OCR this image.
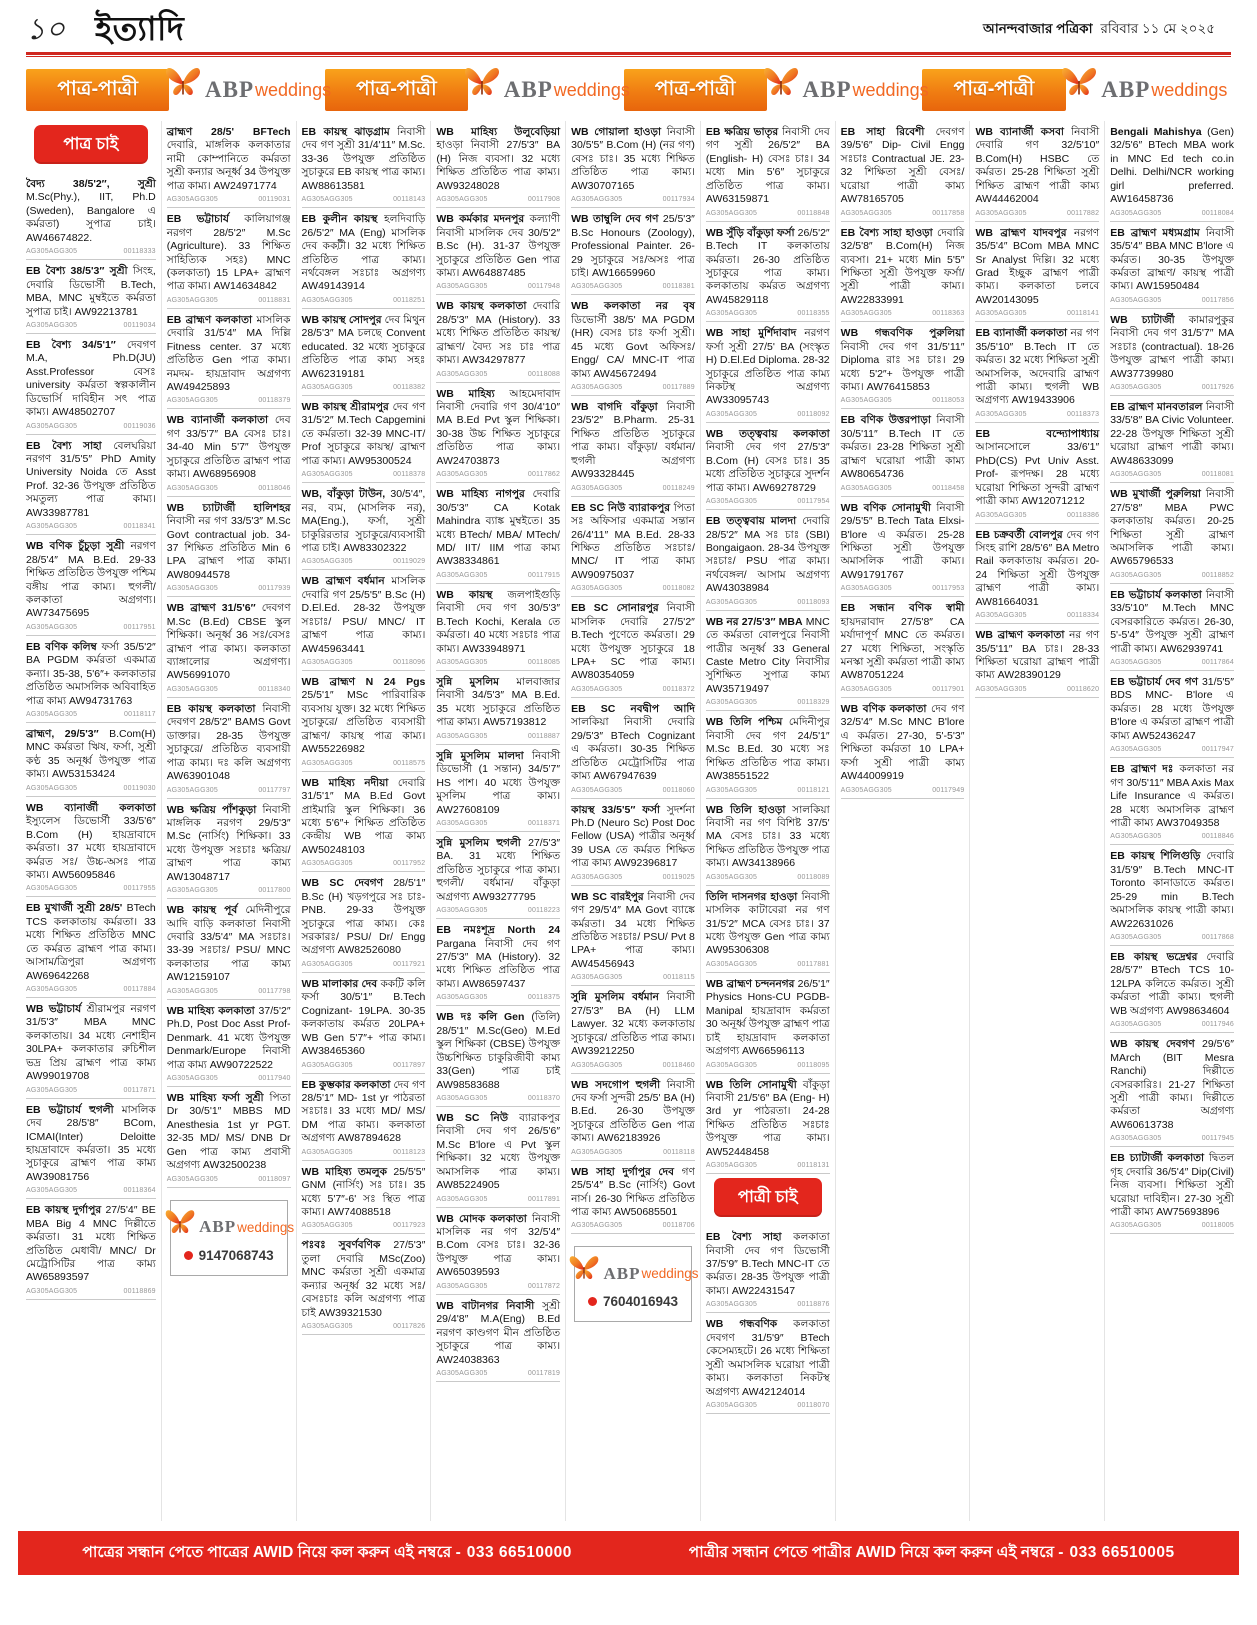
১০ ইত্যাদি	আনন্দবাজার পত্রিকা রবিবার ১১ মে ২০২৫
পাত্র-পাত্রী	ABP weddings পাত্র-পাত্রী	ABP weddings পাত্র-পাত্রী	ABP weddings পাত্র-পাত্রী	ABP weddings
পাত্র চাই

বৈদ্য 38/5'2″, সুশ্রী M.Sc(Phy.), IIT, Ph.D (Sweden), Bangalore এ কর্মরতা) সুপাত্র চাই। AW46674822.

AG305AGG305	00118333

EB বৈশ্য 38/5'3″ সুশ্রী সিংহ, দেবারি ডিভোর্সী B.Tech, MBA, MNC মুম্বইতে কর্মরতা সুপাত্র চাই। AW92213781

AG305AGG305	00119034

EB বৈশ্য 34/5'1″ দেবগণ M.A, Ph.D(JU) Asst.Professor বেসঃ university কর্মরতা স্বল্পকালীন ডিভোর্সি দাবিহীন সৎ পাত্র কাম্য। AW48502707

AG305AGG305	00119036

EB বৈশ্য সাহা বেলঘরিয়া নরগণ 31/5'5″ PhD Amity University Noida তে Asst Prof. 32-36 উপযুক্ত প্রতিষ্ঠিত সমতুল্য পাত্র কাম্য। AW33987781

AG305AGG305	00118341

WB বণিক চুঁচুড়া সুশ্রী নরগণ 28/5'4″ MA B.Ed. 29-33 শিক্ষিত প্রতিষ্ঠিত উপযুক্ত পশ্চিম বঙ্গীয় পাত্র কাম্য। হুগলী/ কলকাতা অগ্রগণ্য। AW73475695

AG305AGG305	00117951

EB বণিক কলিম্ব ফর্সা 35/5'2″ BA PGDM কর্মরতা একমাত্র কন্যা। 35-38, 5'6″+ কলকাতার প্রতিষ্ঠিত অমাসলিক অবিবাহিত পাত্র কাম্য AW94731763

AG305AGG305	00118117

ব্রাহ্মণ, 29/5'3″ B.Com(H) MNC কর্মরতা ঋিষ, ফর্সা, সুশ্রী কণ্ঠ 35 অনূর্ধ্ব উপযুক্ত পাত্র কাম্য। AW53153424

AG305AGG305	00119030

WB ব্যানার্জী কলকাতা ইস্যুলেস ডিভোর্সী 33/5'6″ B.Com (H) হায়দ্রাবাদে কর্মরতা। 37 মধ্যে হায়দ্রাবাদে কর্মরত সঃ/ উচ্চ-অসঃ পাত্র কাম্য। AW56095846

AG305AGG305	00117955

EB মুখার্জী সুশ্রী 28/5' BTech TCS কলকাতায় কর্মরতা। 33 মধ্যে শিক্ষিত প্রতিষ্ঠিত MNC তে কর্মরত ব্রাহ্মণ পাত্র কাম্য। আসাম/ত্রিপুরা অগ্রগণ্য AW69642268

AG305AGG305	00117884

WB ভট্টাচার্য শ্রীরামপুর নরগণ 31/5'3″ MBA MNC কলকাতায়। 34 মধ্যে নেশাহীন 30LPA+ কলকাতার রুচিশীল ভদ্র প্রিয় ব্রাহ্মণ পাত্র কাম্য AW99019708

AG305AGG305	00117871

EB ভট্টাচার্য হুগলী মাসলিক দেব 28/5'8″ BCom, ICMAI(Inter) Deloitte হায়দ্রাবাদে কর্মরতা। 35 মধ্যে সুচাকুরে ব্রাহ্মণ পাত্র কাম্য AW39081756

AG305AGG305	00118364

EB কায়স্থ দুর্গাপুর 27/5'4″ BE MBA Big 4 MNC দিল্লীতে কর্মরতা। 31 মধ্যে শিক্ষিত প্রতিষ্ঠিত মেধাবী/ MNC/ Dr মেট্রোসিটির পাত্র কাম্য AW65893597

AG305AGG305	00118869

ব্রাহ্মণ 28/5' BFTech দেবারি, মাঙ্গলিক কলকাতার নামী কোম্পানিতে কর্মরতা সুশ্রী কন্যার অনূর্ধ্ব 34 উপযুক্ত পাত্র কাম্য। AW24971774

AG305AGG305	00119031

EB ভট্টাচার্য কালিয়াগঞ্জ নরগণ 28/5'2″ M.Sc (Agriculture). 33 শিক্ষিত সাহিত্যিক সহঃ) MNC (কলকাতা) 15 LPA+ ব্রাহ্মণ পাত্র কাম্য। AW14634842

AG305AGG305	00118831

EB ব্রাহ্মণ কলকাতা মাসলিক দেবারি 31/5'4″ MA দিল্লি Fitness center. 37 মধ্যে প্রতিষ্ঠিত Gen পাত্র কাম্য। নমদম- হায়দ্রাবাদ অগ্রগণ্য AW49425893

AG305AGG305	00118379

WB ব্যানার্জী কলকাতা দেব গণ 33/5'7″ BA বেসঃ চাঃ। 34-40 Min 5'7″ উপযুক্ত সুচাকুরে প্রতিষ্ঠিত ব্রাহ্মণ পাত্র কাম্য। AW68956908

AG305AGG305	00118046

WB চ্যাটার্জী হালিশহর নিবাসী নর গণ 33/5'3″ M.Sc Govt contractual job. 34-37 শিক্ষিত প্রতিষ্ঠিত Min 6 LPA ব্রাহ্মণ পাত্র কাম্য। AW80944578

AG305AGG305	00117939

WB ব্রাহ্মণ 31/5'6″ দেবগণ M.Sc (B.Ed) CBSE স্কুল শিক্ষিকা। অনূর্ধ্ব 36 সঃ/বেসঃ ব্রাহ্মণ পাত্র কাম্য। কলকাতা ব্যাঙ্গালোর অগ্রগণ্য। AW56991070

AG305AGG305	00118340

EB কায়স্থ কলকাতা নিবাসী দেবগণ 28/5'2″ BAMS Govt ডাক্তার। 28-35 উপযুক্ত সুচাকুরে/ প্রতিষ্ঠিত ব্যবসায়ী পাত্র কাম্য। দঃ কলি অগ্রগণ্য AW63901048

AG305AGG305	00117797

WB ক্ষত্রিয় পাঁশকুড়া নিবাসী মাঙ্গলিক নরগণ 29/5'3″ M.Sc (নার্সিং) শিক্ষিকা। 33 মধ্যে উপযুক্ত সঃচাঃ ক্ষত্রিয়/ ব্রাহ্মণ পাত্র কাম্য AW13048717

AG305AGG305	00117800

WB কায়স্থ পূর্ব মেদিনীপুরে আদি বাড়ি কলকাতা নিবাসী দেবারি 33/5'4″ MA সঃচাঃ। 33-39 সঃচাঃ/ PSU/ MNC কলকাতার পাত্র কাম্য AW12159107

AG305AGG305	00117798

WB মাহিষ্য কলকাতা 37/5'2″ Ph.D, Post Doc Asst Prof- Denmark. 41 মধ্যে উপযুক্ত Denmark/Europe নিবাসী পাত্র কাম্য AW90722522

AG305AGG305	00117940

WB মাহিষ্য ফর্সা সুশ্রী পিতা Dr 30/5'1″ MBBS MD Anesthesia 1st yr PGT. 32-35 MD/ MS/ DNB Dr Gen পাত্র কাম্য প্রবাসী অগ্রগণ্য AW32500238

AG305AGG305	00118097
ABP weddings
9147068743

EB কায়স্থ ঝাড়গ্রাম নিবাসী দেব গণ সুশ্রী 31/4'11″ M.Sc. 33-36 উপযুক্ত প্রতিষ্ঠিত সুচাকুরে EB কায়স্থ পাত্র কাম্য। AW88613581

AG305AGG305	00118143

EB কুলীন কায়স্থ হলদিবাড়ি 26/5'2″ MA (Eng) মাসলিক দেব ককট়ী। 32 মধ্যে শিক্ষিত প্রতিষ্ঠিত পাত্র কাম্য। নর্থবেঙ্গল সঃচাঃ অগ্রগণ্য AW49143914

AG305AGG305	00118251

WB কায়স্থ সোদপুর দেব মিথুন 28/5'3″ MA চলছে Convent educated. 32 মধ্যে সুচাকুরে প্রতিষ্ঠিত পাত্র কাম্য সহঃ AW62319181

AG305AGG305	00118382

WB কায়স্থ শ্রীরামপুর দেব গণ 31/5'2″ M.Tech Capgemini তে কর্মরতা। 32-39 MNC-IT/ Prof সুচাকুরে কায়স্থ/ ব্রাহ্মণ পাত্র কাম্য। AW95300524

AG305AGG305	00118378

WB, বাঁকুড়া টাউন, 30/5'4″, নর, ব্যম, (মাসলিক নর), MA(Eng.), ফর্সা, সুশ্রী চাকুরিরতার সুচাকুরে/ব্যবসায়ী পাত্র চাই। AW83302322

AG305AGG305	00119029

WB ব্রাহ্মণ বর্ধমান মাসলিক দেবারি গণ 25/5'5″ B.Sc (H) D.El.Ed. 28-32 উপযুক্ত সঃচাঃ/ PSU/ MNC/ IT ব্রাহ্মণ পাত্র কাম্য। AW45963441

AG305AGG305	00118096

WB ব্রাহ্মণ N 24 Pgs 25/5'1″ MSc পারিবারিক ব্যবসায় যুক্ত। 32 মধ্যে শিক্ষিত সুচাকুরে/ প্রতিষ্ঠিত ব্যবসায়ী ব্রাহ্মণ/ কায়স্থ পাত্র কাম্য। AW55226982

AG305AGG305	00118575

WB মাহিষ্য নদীয়া দেবারি 31/5'1″ MA B.Ed Govt প্রাইমারি স্কুল শিক্ষিকা। 36 মধ্যে 5'6″+ শিক্ষিত প্রতিষ্ঠিত কেন্দ্রীয় WB পাত্র কাম্য AW50248103

AG305AGG305	00117952

WB SC দেবগণ 28/5'1″ B.Sc (H) খড়গপুরে সঃ চাঃ- PNB. 29-33 উপযুক্ত সুচাকুরে পাত্র কাম্য। কেঃ সরকারঃ/ PSU/ Dr/ Engg অগ্রগণ্য AW82526080

AG305AGG305	00117921

WB মালাকার দেব ককট়ি কলি ফর্সা 30/5'1″ B.Tech Cognizant- 19LPA. 30-35 কলকাতায় কর্মরত 20LPA+ WB Gen 5'7″+ পাত্র কাম্য। AW38465360

AG305AGG305	00117897

EB কুম্ভকার কলকাতা দেব গণ 28/5'1″ MD- 1st yr পাঠরতা সঃচাঃ। 33 মধ্যে MD/ MS/ DM পাত্র কাম্য। কলকাতা অগ্রগণ্য AW87894628

AG305AGG305	00118123

WB মাহিষ্য তমলুক 25/5'5″ GNM (নার্সিং) সঃ চাঃ। 35 মধ্যে 5'7″-6' সঃ স্থিত পাত্র কাম্য। AW74088518

AG305AGG305	00117923

পঃবঃ সুবর্ণবণিক 27/5'3″ তুলা দেবারি MSc(Zoo) MNC কর্মরতা সুশ্রী একমাত্র কন্যার অনূর্ধ্ব 32 মধ্যে সঃ/বেসঃচাঃ কলি অগ্রগণ্য পাত্র চাই AW39321530

AG305AGG305	00117826

WB মাহিষ্য উলুবেড়িয়া হাওড়া নিবাসী 27/5'3″ BA (H) নিজ ব্যবসা। 32 মধ্যে শিক্ষিত প্রতিষ্ঠিত পাত্র কাম্য। AW93248028

AG305AGG305	00117908

WB কর্মকার মদনপুর কল্যাণী নিবাসী মাসলিক দেব 30/5'2″ B.Sc (H). 31-37 উপযুক্ত সুচাকুরে প্রতিষ্ঠিত Gen পাত্র কাম্য। AW64887485

AG305AGG305	00117948

WB কায়স্থ কলকাতা দেবারি 28/5'3″ MA (History). 33 মধ্যে শিক্ষিত প্রতিষ্ঠিত কায়স্থ/ ব্রাহ্মণ/ বৈদ্য সঃ চাঃ পাত্র কাম্য। AW34297877

AG305AGG305	00118088

WB মাহিষ্য আহমেদাবাদ নিবাসী দেবারি গণ 30/4'10″ MA B.Ed Pvt স্কুল শিক্ষিকা। 30-38 উচ্চ শিক্ষিত সুচাকুরে প্রতিষ্ঠিত পাত্র কাম্য। AW24703873

AG305AGG305	00117862

WB মাহিষ্য নাগপুর দেবারি 30/5'3″ CA Kotak Mahindra ব্যাঙ্ক মুম্বইতে। 35 মধ্যে BTech/ MBA/ MTech/ MD/ IIT/ IIM পাত্র কাম্য AW38334861

AG305AGG305	00117915

WB কায়স্থ জলপাইগুড়ি নিবাসী দেব গণ 30/5'3″ B.Tech Kochi, Kerala তে কর্মরতা। 40 মধ্যে সঃচাঃ পাত্র কাম্য। AW33948971

AG305AGG305	00118085

সুন্নি মুসলিম মালবাজার নিবাসী 34/5'3″ MA B.Ed. 35 মধ্যে সুচাকুরে প্রতিষ্ঠিত পাত্র কাম্য। AW57193812

AG305AGG305	00118887

সুন্নি মুসলিম মালদা নিবাসী ডিভোর্সী (1 সন্তান) 34/5'7″ HS পাশ। 40 মধ্যে উপযুক্ত মুসলিম পাত্র কাম্য। AW27608109

AG305AGG305	00118371

সুন্নি মুসলিম হুগলী 27/5'3″ BA. 31 মধ্যে শিক্ষিত প্রতিষ্ঠিত সুচাকুরে পাত্র কাম্য। হুগলী/ বর্ধমান/ বাঁকুড়া অগ্রগণ্য AW93277795

AG305AGG305	00118223

EB নমঃশূদ্র North 24 Pargana নিবাসী দেব গণ 27/5'3″ MA (History). 32 মধ্যে শিক্ষিত প্রতিষ্ঠিত পাত্র কাম্য। AW86597437

AG305AGG305	00118375

WB দঃ কলি Gen (তিলি) 28/5'1″ M.Sc(Geo) M.Ed স্কুল শিক্ষিকা (CBSE) উপযুক্ত উচ্চশিক্ষিত চাকুরিজীবী কাম্য 33(Gen) পাত্র চাই AW98583688

AG305AGG305	00118370

WB SC নিউ ব্যারাকপুর নিবাসী দেব গণ 26/5'6″ M.Sc B'lore এ Pvt স্কুল শিক্ষিকা। 32 মধ্যে উপযুক্ত অমাসলিক পাত্র কাম্য। AW85224905

AG305AGG305	00117891

WB মোদক কলকাতা নিবাসী মাসলিক নর গণ 32/5'4″ B.Com বেসঃ চাঃ। 32-36 উপযুক্ত পাত্র কাম্য। AW65039593

AG305AGG305	00117872

WB বাটানগর নিবাসী সুশ্রী 29/4'8″ M.A(Eng) B.Ed নরগণ কাণ্ডগণ মীন প্রতিষ্ঠিত সুচাকুরে পাত্র কাম্য। AW24038363

AG305AGG305	00117819

WB গোয়ালা হাওড়া নিবাসী 30/5'5″ B.Com (H) (নর গণ) বেসঃ চাঃ। 35 মধ্যে শিক্ষিত প্রতিষ্ঠিত পাত্র কাম্য। AW30707165

AG305AGG305	00117934

WB তাম্বুলি দেব গণ 25/5'3″ B.Sc Honours (Zoology), Professional Painter. 26-29 সুচাকুরে সঃ/অসঃ পাত্র চাই। AW16659960

AG305AGG305	00118381

WB কলকাতা নর বৃষ ডিভোর্সী 38/5' MA PGDM (HR) বেসঃ চাঃ ফর্সা সুশ্রী। 45 মধ্যে Govt অফিসঃ/ Engg/ CA/ MNC-IT পাত্র কাম্য AW45672494

AG305AGG305	00117889

WB বাগদি বাঁকুড়া নিবাসী 23/5'2″ B.Pharm. 25-31 শিক্ষিত প্রতিষ্ঠিত সুচাকুরে পাত্র কাম্য। বাঁকুড়া/ বর্ধমান/ হুগলী অগ্রগণ্য AW93328445

AG305AGG305	00118249

EB SC নিউ ব্যারাকপুর পিতা সঃ অফিসার একমাত্র সন্তান 26/4'11″ MA B.Ed. 28-33 শিক্ষিত প্রতিষ্ঠিত সঃচাঃ/ MNC/ IT পাত্র কাম্য AW90975037

AG305AGG305	00118082

EB SC সোনারপুর নিবাসী মাসলিক দেবারি 27/5'2″ B.Tech পুণেতে কর্মরতা। 29 মধ্যে উপযুক্ত সুচাকুরে 18 LPA+ SC পাত্র কাম্য। AW80354059

AG305AGG305	00118372

EB SC নবদ্বীপ আদি সালকিয়া নিবাসী দেবারি 29/5'3″ BTech Cognizant এ কর্মরতা। 30-35 শিক্ষিত প্রতিষ্ঠিত মেট্রোসিটির পাত্র কাম্য AW67947639

AG305AGG305	00118060

কায়স্থ 33/5'5″ ফর্সা সুদর্শনা Ph.D (Neuro Sc) Post Doc Fellow (USA) পাত্রীর অনূর্ধ্ব 39 USA তে কর্মরত শিক্ষিত পাত্র কাম্য AW92396817

AG305AGG305	00119025

WB SC বারইপুর নিবাসী দেব গণ 29/5'4″ MA Govt ব্যাঙ্কে কর্মরতা। 34 মধ্যে শিক্ষিত প্রতিষ্ঠিত সঃচাঃ/ PSU/ Pvt 8 LPA+ পাত্র কাম্য। AW45456943

AG305AGG305	00118115

সুন্নি মুসলিম বর্ধমান নিবাসী 27/5'3″ BA (H) LLM Lawyer. 32 মধ্যে কলকাতায় সুচাকুরে/ প্রতিষ্ঠিত পাত্র কাম্য। AW39212250

AG305AGG305	00118460

WB সদগোপ হুগলী নিবাসী দেব ফর্সা সুন্দরী 25/5' BA (H) B.Ed. 26-30 উপযুক্ত সুচাকুরে প্রতিষ্ঠিত Gen পাত্র কাম্য। AW62183926

AG305AGG305	00118118

WB সাহা দুর্গাপুর দেব গণ 25/5'4″ B.Sc (নার্সিং) Govt নার্স। 26-30 শিক্ষিত প্রতিষ্ঠিত পাত্র কাম্য AW50685501

AG305AGG305	00118706
ABP weddings
7604016943

EB ক্ষত্রিয় ভাতৃর নিবাসী দেব গণ সুশ্রী 26/5'2″ BA (English- H) বেসঃ চাঃ। 34 মধ্যে Min 5'6″ সুচাকুরে প্রতিষ্ঠিত পাত্র কাম্য। AW63159871

AG305AGG305	00118848

WB সুঁড়ি বাঁকুড়া ফর্সা 26/5'2″ B.Tech IT কলকাতায় কর্মরতা। 26-30 প্রতিষ্ঠিত সুচাকুরে পাত্র কাম্য। কলকাতায় কর্মরত অগ্রগণ্য AW45829118

AG305AGG305	00118355

WB সাহা মুর্শিদাবাদ নরগণ ফর্সা সুশ্রী 27/5' BA (সংস্কৃত H) D.El.Ed Diploma. 28-32 সুচাকুরে প্রতিষ্ঠিত পাত্র কাম্য নিকটস্থ অগ্রগণ্য AW33095743

AG305AGG305	00118092

WB তত্ত্ববায় কলকাতা নিবাসী দেব গণ 27/5'3″ B.Com (H) বেসঃ চাঃ। 35 মধ্যে প্রতিষ্ঠিত সুচাকুরে সুদর্শন পাত্র কাম্য। AW69278729

AG305AGG305	00117954

EB তত্ত্ববায় মালদা দেবারি 28/5'2″ MA সঃ চাঃ (SBI) Bongaigaon. 28-34 উপযুক্ত সঃচাঃ/ PSU পাত্র কাম্য। নর্থবেঙ্গল/ আসাম অগ্রগণ্য AW43038984

AG305AGG305	00118093

WB নর 27/5'3″ MBA MNC তে কর্মরতা বোলপুরে নিবাসী পাত্রীর অনূর্ধ্ব 33 General Caste Metro City নিবাসীর সুশিক্ষিত সুপাত্র কাম্য AW35719497

AG305AGG305	00118329

WB তিলি পশ্চিম মেদিনীপুর নিবাসী দেব গণ 24/5'1″ M.Sc B.Ed. 30 মধ্যে সঃ শিক্ষিত প্রতিষ্ঠিত পাত্র কাম্য। AW38551522

AG305AGG305	00118121

WB তিলি হাওড়া সালকিয়া নিবাসী নর গণ বিশিষ্ট 37/5' MA বেসঃ চাঃ। 33 মধ্যে শিক্ষিত প্রতিষ্ঠিত উপযুক্ত পাত্র কাম্য। AW34138966

AG305AGG305	00118089

তিলি দাসনগর হাওড়া নিবাসী মাসলিক কাটাবেরা নর গণ 31/5'2″ MCA বেসঃ চাঃ। 37 মধ্যে উপযুক্ত Gen পাত্র কাম্য AW95306308

AG305AGG305	00117881

WB ব্রাহ্মণ চন্দননগর 26/5'1″ Physics Hons-CU PGDB-Manipal হায়দ্রাবাদ কর্মরতা 30 অনূর্ধ্ব উপযুক্ত ব্রাহ্মণ পাত্র চাই হায়দ্রাবাদ কলকাতা অগ্রগণ্য AW66596113

AG305AGG305	00118095

WB তিলি সোনামুখী বাঁকুড়া নিবাসী 21/5'6″ BA (Eng- H) 3rd yr পাঠরতা। 24-28 শিক্ষিত প্রতিষ্ঠিত সঃচাঃ উপযুক্ত পাত্র কাম্য। AW52448458

AG305AGG305	00118131
পাত্রী চাই

EB বৈশ্য সাহা কলকাতা নিবাসী দেব গণ ডিভোর্সী 37/5'9″ B.Tech MNC-IT তে কর্মরত। 28-35 উপযুক্ত পাত্রী কাম্য। AW22431547

AG305AGG305	00118876

WB গন্ধবণিক কলকাতা দেবগণ 31/5'9″ BTech কেসেম্যহটে। 26 মধ্যে শিক্ষিতা সুশ্রী অমাসলিক ঘরোয়া পাত্রী কাম্য। কলকাতা নিকটস্থ অগ্রগণ্য AW42124014

AG305AGG305	00118070

EB সাহা রিবেশী দেবগণ 39/5'6″ Dip- Civil Engg সঃচাঃ Contractual JE. 23-32 শিক্ষিতা সুশ্রী বেসঃ/ ঘরোয়া পাত্রী কাম্য AW78165705

AG305AGG305	00117858

EB বৈশ্য সাহা হাওড়া দেবারি 32/5'8″ B.Com(H) নিজ ব্যবসা। 21+ মধ্যে Min 5'5″ শিক্ষিতা সুশ্রী উপযুক্ত ফর্সা/ সুশ্রী পাত্রী কাম্য। AW22833991

AG305AGG305	00118363

WB গন্ধবণিক পুরুলিয়া নিবাসী দেব গণ 31/5'11″ Diploma রাঃ সঃ চাঃ। 29 মধ্যে 5'2″+ উপযুক্ত পাত্রী কাম্য। AW76415853

AG305AGG305	00118053

EB বণিক উত্তরপাড়া নিবাসী 30/5'11″ B.Tech IT তে কর্মরত। 23-28 শিক্ষিতা সুশ্রী ব্রাহ্মণ ঘরোয়া পাত্রী কাম্য AW80654736

AG305AGG305	00118458

WB বণিক সোনামুখী নিবাসী 29/5'5″ B.Tech Tata Elxsi- B'lore এ কর্মরত। 25-28 শিক্ষিতা সুশ্রী উপযুক্ত অমাসলিক পাত্রী কাম্য। AW91791767

AG305AGG305	00117953

EB সন্ধান বণিক স্বামী হায়দরাবাদ 27/5'8″ CA মর্যাদাপূর্ণ MNC তে কর্মরত। 27 মধ্যে শিক্ষিতা, সংস্কৃতি মনস্কা সুশ্রী কর্মরতা পাত্রী কাম্য AW87051224

AG305AGG305	00117901

WB বণিক কলকাতা দেব গণ 32/5'4″ M.Sc MNC B'lore এ কর্মরত। 27-30, 5'-5'3″ শিক্ষিতা কর্মরতা 10 LPA+ ফর্সা সুশ্রী পাত্রী কাম্য AW44009919

AG305AGG305	00117949

WB ব্যানার্জী কসবা নিবাসী দেবারি গণ 32/5'10″ B.Com(H) HSBC তে কর্মরত। 25-28 শিক্ষিতা সুশ্রী শিক্ষিত ব্রাহ্মণ পাত্রী কাম্য AW44462004

AG305AGG305	00117882

WB ব্রাহ্মণ যাদবপুর নরগণ 35/5'4″ BCom MBA MNC Sr Analyst দিল্লি। 32 মধ্যে Grad ইচ্ছুক ব্রাহ্মণ পাত্রী কাম্য। কলকাতা চলবে AW20143095

AG305AGG305	00118141

EB ব্যানার্জী কলকাতা নর গণ 35/5'10″ B.Tech IT তে কর্মরত। 32 মধ্যে শিক্ষিতা সুশ্রী অমাসলিক, অদেবারি ব্রাহ্মণ পাত্রী কাম্য। হুগলী WB অগ্রগণ্য AW19433906

AG305AGG305	00118373

EB বন্দ্যোপাধ্যায় আসানসোলে 33/6'1″ PhD(CS) Pvt Univ Asst. Prof- রূপদক্ষ। 28 মধ্যে ঘরোয়া শিক্ষিতা সুন্দরী ব্রাহ্মণ পাত্রী কাম্য AW12071212

AG305AGG305	00118386

EB চক্রবর্তী বোলপুর দেব গণ সিংহ রাশি 28/5'6″ BA Metro Rail কলকাতায় কর্মরত। 20-24 শিক্ষিতা সুশ্রী উপযুক্ত ব্রাহ্মণ পাত্রী কাম্য। AW81664031

AG305AGG305	00118334

WB ব্রাহ্মণ কলকাতা নর গণ 35/5'11″ BA চাঃ। 28-33 শিক্ষিতা ঘরোয়া ব্রাহ্মণ পাত্রী কাম্য AW28390129

AG305AGG305	00118620

Bengali Mahishya (Gen) 32/5'6″ BTech MBA work in MNC Ed tech co.in Delhi. Delhi/NCR working girl preferred. AW16458736

AG305AGG305	00118084

EB ব্রাহ্মণ মধ্যমগ্রাম নিবাসী 35/5'4″ BBA MNC B'lore এ কর্মরত। 30-35 উপযুক্ত কর্মরতা ব্রাহ্মণ/ কায়স্থ পাত্রী কাম্য। AW15950484

AG305AGG305	00117856

WB চ্যাটার্জী কামারপুকুর নিবাসী দেব গণ 31/5'7″ MA সঃচাঃ (contractual). 18-26 উপযুক্ত ব্রাহ্মণ পাত্রী কাম্য। AW37739980

AG305AGG305	00117926

EB ব্রাহ্মণ মানবতারল নিবাসী 33/5'8″ BA Civic Volunteer. 22-28 উপযুক্ত শিক্ষিতা সুশ্রী ঘরোয়া ব্রাহ্মণ পাত্রী কাম্য। AW48633099

AG305AGG305	00118081

WB মুখার্জী পুরুলিয়া নিবাসী 27/5'8″ MBA PWC কলকাতায় কর্মরত। 20-25 শিক্ষিতা সুশ্রী ব্রাহ্মণ অমাসলিক পাত্রী কাম্য। AW65796533

AG305AGG305	00118852

EB ভট্টাচার্য কলকাতা নিবাসী 33/5'10″ M.Tech MNC বেসরকারিতে কর্মরত। 26-30, 5'-5'4″ উপযুক্ত সুশ্রী ব্রাহ্মণ পাত্রী কাম্য। AW62939741

AG305AGG305	00117864

EB ভট্টাচার্য দেব গণ 31/5'5″ BDS MNC- B'lore এ কর্মরত। 28 মধ্যে উপযুক্ত B'lore এ কর্মরতা ব্রাহ্মণ পাত্রী কাম্য AW52436247

AG305AGG305	00117947

EB ব্রাহ্মণ দঃ কলকাতা নর গণ 30/5'11″ MBA Axis Max Life Insurance এ কর্মরত। 28 মধ্যে অমাসলিক ব্রাহ্মণ পাত্রী কাম্য AW37049358

AG305AGG305	00118846

EB কায়স্থ শিলিগুড়ি দেবারি 31/5'9″ B.Tech MNC-IT Toronto কানাডাতে কর্মরত। 25-29 min B.Tech অমাসলিক কায়স্থ পাত্রী কাম্য। AW22631026

AG305AGG305	00117868

EB কায়স্থ ভদ্রেশ্বর দেবারি 28/5'7″ BTech TCS 10-12LPA কলিতে কর্মরত। সুশ্রী কর্মরতা পাত্রী কাম্য। হুগলী WB অগ্রগণ্য AW98634604

AG305AGG305	00117946

WB কায়স্থ দেবগণ 29/5'6″ MArch (BIT Mesra Ranchi) দিল্লীতে বেসরকারিঃ। 21-27 শিক্ষিতা সুশ্রী পাত্রী কাম্য। দিল্লীতে কর্মরতা অগ্রগণ্য AW60613738

AG305AGG305	00117945

EB চ্যাটার্জী কলকাতা দ্বিতল গৃহ দেবারি 36/5'4″ Dip(Civil) নিজ ব্যবসা। শিক্ষিতা সুশ্রী ঘরোয়া দাবিহীন। 27-30 সুশ্রী পাত্রী কাম্য AW75693896

AG305AGG305	00118005
পাত্রের সন্ধান পেতে পাত্রের AWID নিয়ে কল করুন এই নম্বরে - 033 66510000	পাত্রীর সন্ধান পেতে পাত্রীর AWID নিয়ে কল করুন এই নম্বরে - 033 66510005
